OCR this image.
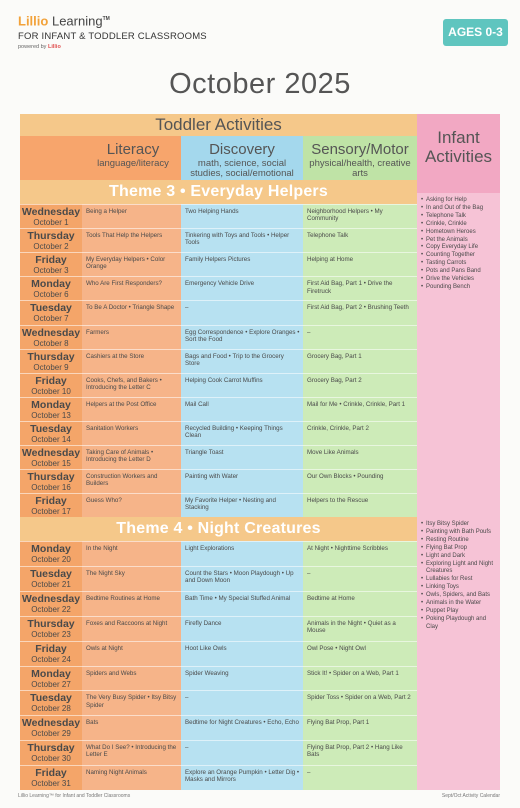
Lillio Learning™
FOR INFANT & TODDLER CLASSROOMS
powered by Lillio
AGES 0-3
October 2025
Toddler Activities
Literacy
language/literacy
Discovery
math, science, social studies, social/emotional
Sensory/Motor
physical/health, creative arts
Infant
Activities
Theme 3 • Everyday Helpers
Theme 4 • Night Creatures
Wednesday
October 1
Thursday
October 2
Friday
October 3
Monday
October 6
Tuesday
October 7
Wednesday
October 8
Thursday
October 9
Friday
October 10
Monday
October 13
Tuesday
October 14
Wednesday
October 15
Thursday
October 16
Friday
October 17
Being a Helper
Tools That Help the Helpers
My Everyday Helpers • Color Orange
Who Are First Responders?
To Be A Doctor • Triangle Shape
Farmers
Cashiers at the Store
Cooks, Chefs, and Bakers • Introducing the Letter C
Helpers at the Post Office
Sanitation Workers
Taking Care of Animals • Introducing the Letter D
Construction Workers and Builders
Guess Who?
Two Helping Hands
Tinkering with Toys and Tools • Helper Tools
Family Helpers Pictures
Emergency Vehicle Drive
–
Egg Correspondence • Explore Oranges • Sort the Food
Bags and Food • Trip to the Grocery Store
Helping Cook Carrot Muffins
Mail Call
Recycled Building • Keeping Things Clean
Triangle Toast
Painting with Water
My Favorite Helper • Nesting and Stacking
Neighborhood Helpers • My Community
Telephone Talk
Helping at Home
First Aid Bag, Part 1 • Drive the Firetruck
First Aid Bag, Part 2 • Brushing Teeth
–
Grocery Bag, Part 1
Grocery Bag, Part 2
Mail for Me • Crinkle, Crinkle, Part 1
Crinkle, Crinkle, Part 2
Move Like Animals
Our Own Blocks • Pounding
Helpers to the Rescue
• Asking for Help
• In and Out of the Bag
• Telephone Talk
• Crinkle, Crinkle
• Hometown Heroes
• Pet the Animals
• Copy Everyday Life
• Counting Together
• Tasting Carrots
• Pots and Pans Band
• Drive the Vehicles
• Pounding Bench
Monday
October 20
Tuesday
October 21
Wednesday
October 22
Thursday
October 23
Friday
October 24
Monday
October 27
Tuesday
October 28
Wednesday
October 29
Thursday
October 30
Friday
October 31
In the Night
The Night Sky
Bedtime Routines at Home
Foxes and Raccoons at Night
Owls at Night
Spiders and Webs
The Very Busy Spider • Itsy Bitsy Spider
Bats
What Do I See? • Introducing the Letter E
Naming Night Animals
Light Explorations
Count the Stars • Moon Playdough • Up and Down Moon
Bath Time • My Special Stuffed Animal
Firefly Dance
Hoot Like Owls
Spider Weaving
–
Bedtime for Night Creatures • Echo, Echo
–
Explore an Orange Pumpkin • Letter Dig • Masks and Mirrors
At Night • Nighttime Scribbles
–
Bedtime at Home
Animals in the Night • Quiet as a Mouse
Owl Pose • Night Owl
Stick It! • Spider on a Web, Part 1
Spider Toss • Spider on a Web, Part 2
Flying Bat Prop, Part 1
Flying Bat Prop, Part 2 • Hang Like Bats
–
• Itsy Bitsy Spider
• Painting with Bath Poufs
• Resting Routine
• Flying Bat Prop
• Light and Dark
• Exploring Light and Night Creatures
• Lullabies for Rest
• Linking Toys
• Owls, Spiders, and Bats
• Animals in the Water
• Puppet Play
• Poking Playdough and Clay
Lillio Learning™ for Infant and Toddler Classrooms	Sept/Oct Activity Calendar
